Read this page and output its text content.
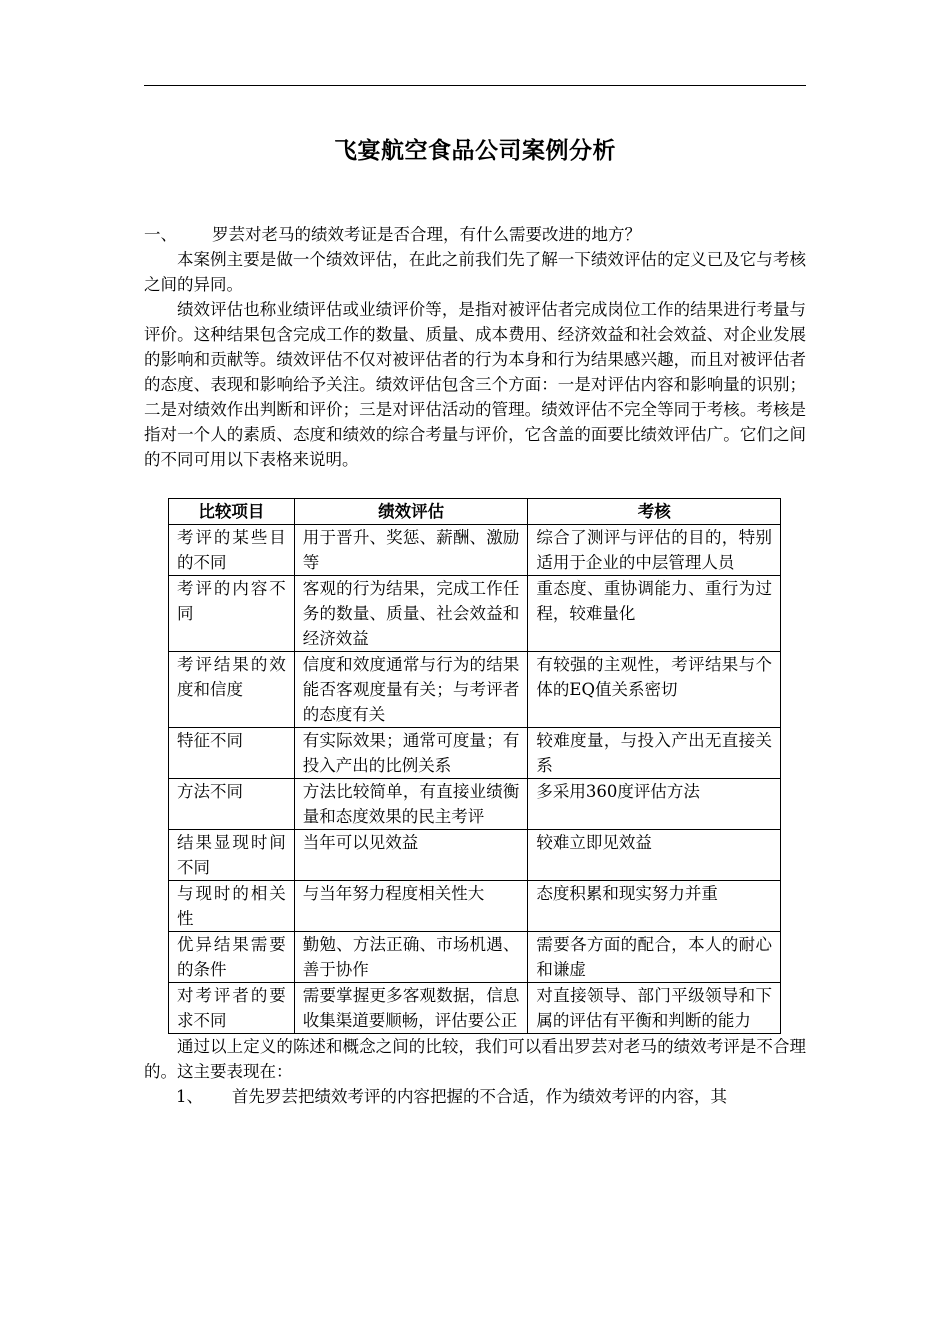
飞宴航空食品公司案例分析

一、 罗芸对老马的绩效考证是否合理，有什么需要改进的地方？

本案例主要是做一个绩效评估，在此之前我们先了解一下绩效评估的定义已及它与考核之间的异同。

绩效评估也称业绩评估或业绩评价等，是指对被评估者完成岗位工作的结果进行考量与评价。这种结果包含完成工作的数量、质量、成本费用、经济效益和社会效益、对企业发展的影响和贡献等。绩效评估不仅对被评估者的行为本身和行为结果感兴趣，而且对被评估者的态度、表现和影响给予关注。绩效评估包含三个方面：一是对评估内容和影响量的识别；二是对绩效作出判断和评价；三是对评估活动的管理。绩效评估不完全等同于考核。考核是指对一个人的素质、态度和绩效的综合考量与评价，它含盖的面要比绩效评估广。它们之间的不同可用以下表格来说明。

比较项目	绩效评估	考核
考评的某些目的不同	用于晋升、奖惩、薪酬、激励等	综合了测评与评估的目的，特别适用于企业的中层管理人员
考评的内容不同	客观的行为结果，完成工作任务的数量、质量、社会效益和经济效益	重态度、重协调能力、重行为过程，较难量化
考评结果的效度和信度	信度和效度通常与行为的结果能否客观度量有关；与考评者的态度有关	有较强的主观性，考评结果与个体的EQ值关系密切
特征不同	有实际效果；通常可度量；有投入产出的比例关系	较难度量，与投入产出无直接关系
方法不同	方法比较简单，有直接业绩衡量和态度效果的民主考评	多采用360度评估方法
结果显现时间不同	当年可以见效益	较难立即见效益
与现时的相关性	与当年努力程度相关性大	态度积累和现实努力并重
优异结果需要的条件	勤勉、方法正确、市场机遇、善于协作	需要各方面的配合，本人的耐心和谦虚
对考评者的要求不同	需要掌握更多客观数据，信息收集渠道要顺畅，评估要公正	对直接领导、部门平级领导和下属的评估有平衡和判断的能力

通过以上定义的陈述和概念之间的比较，我们可以看出罗芸对老马的绩效考评是不合理的。这主要表现在：

1、 首先罗芸把绩效考评的内容把握的不合适，作为绩效考评的内容，其
